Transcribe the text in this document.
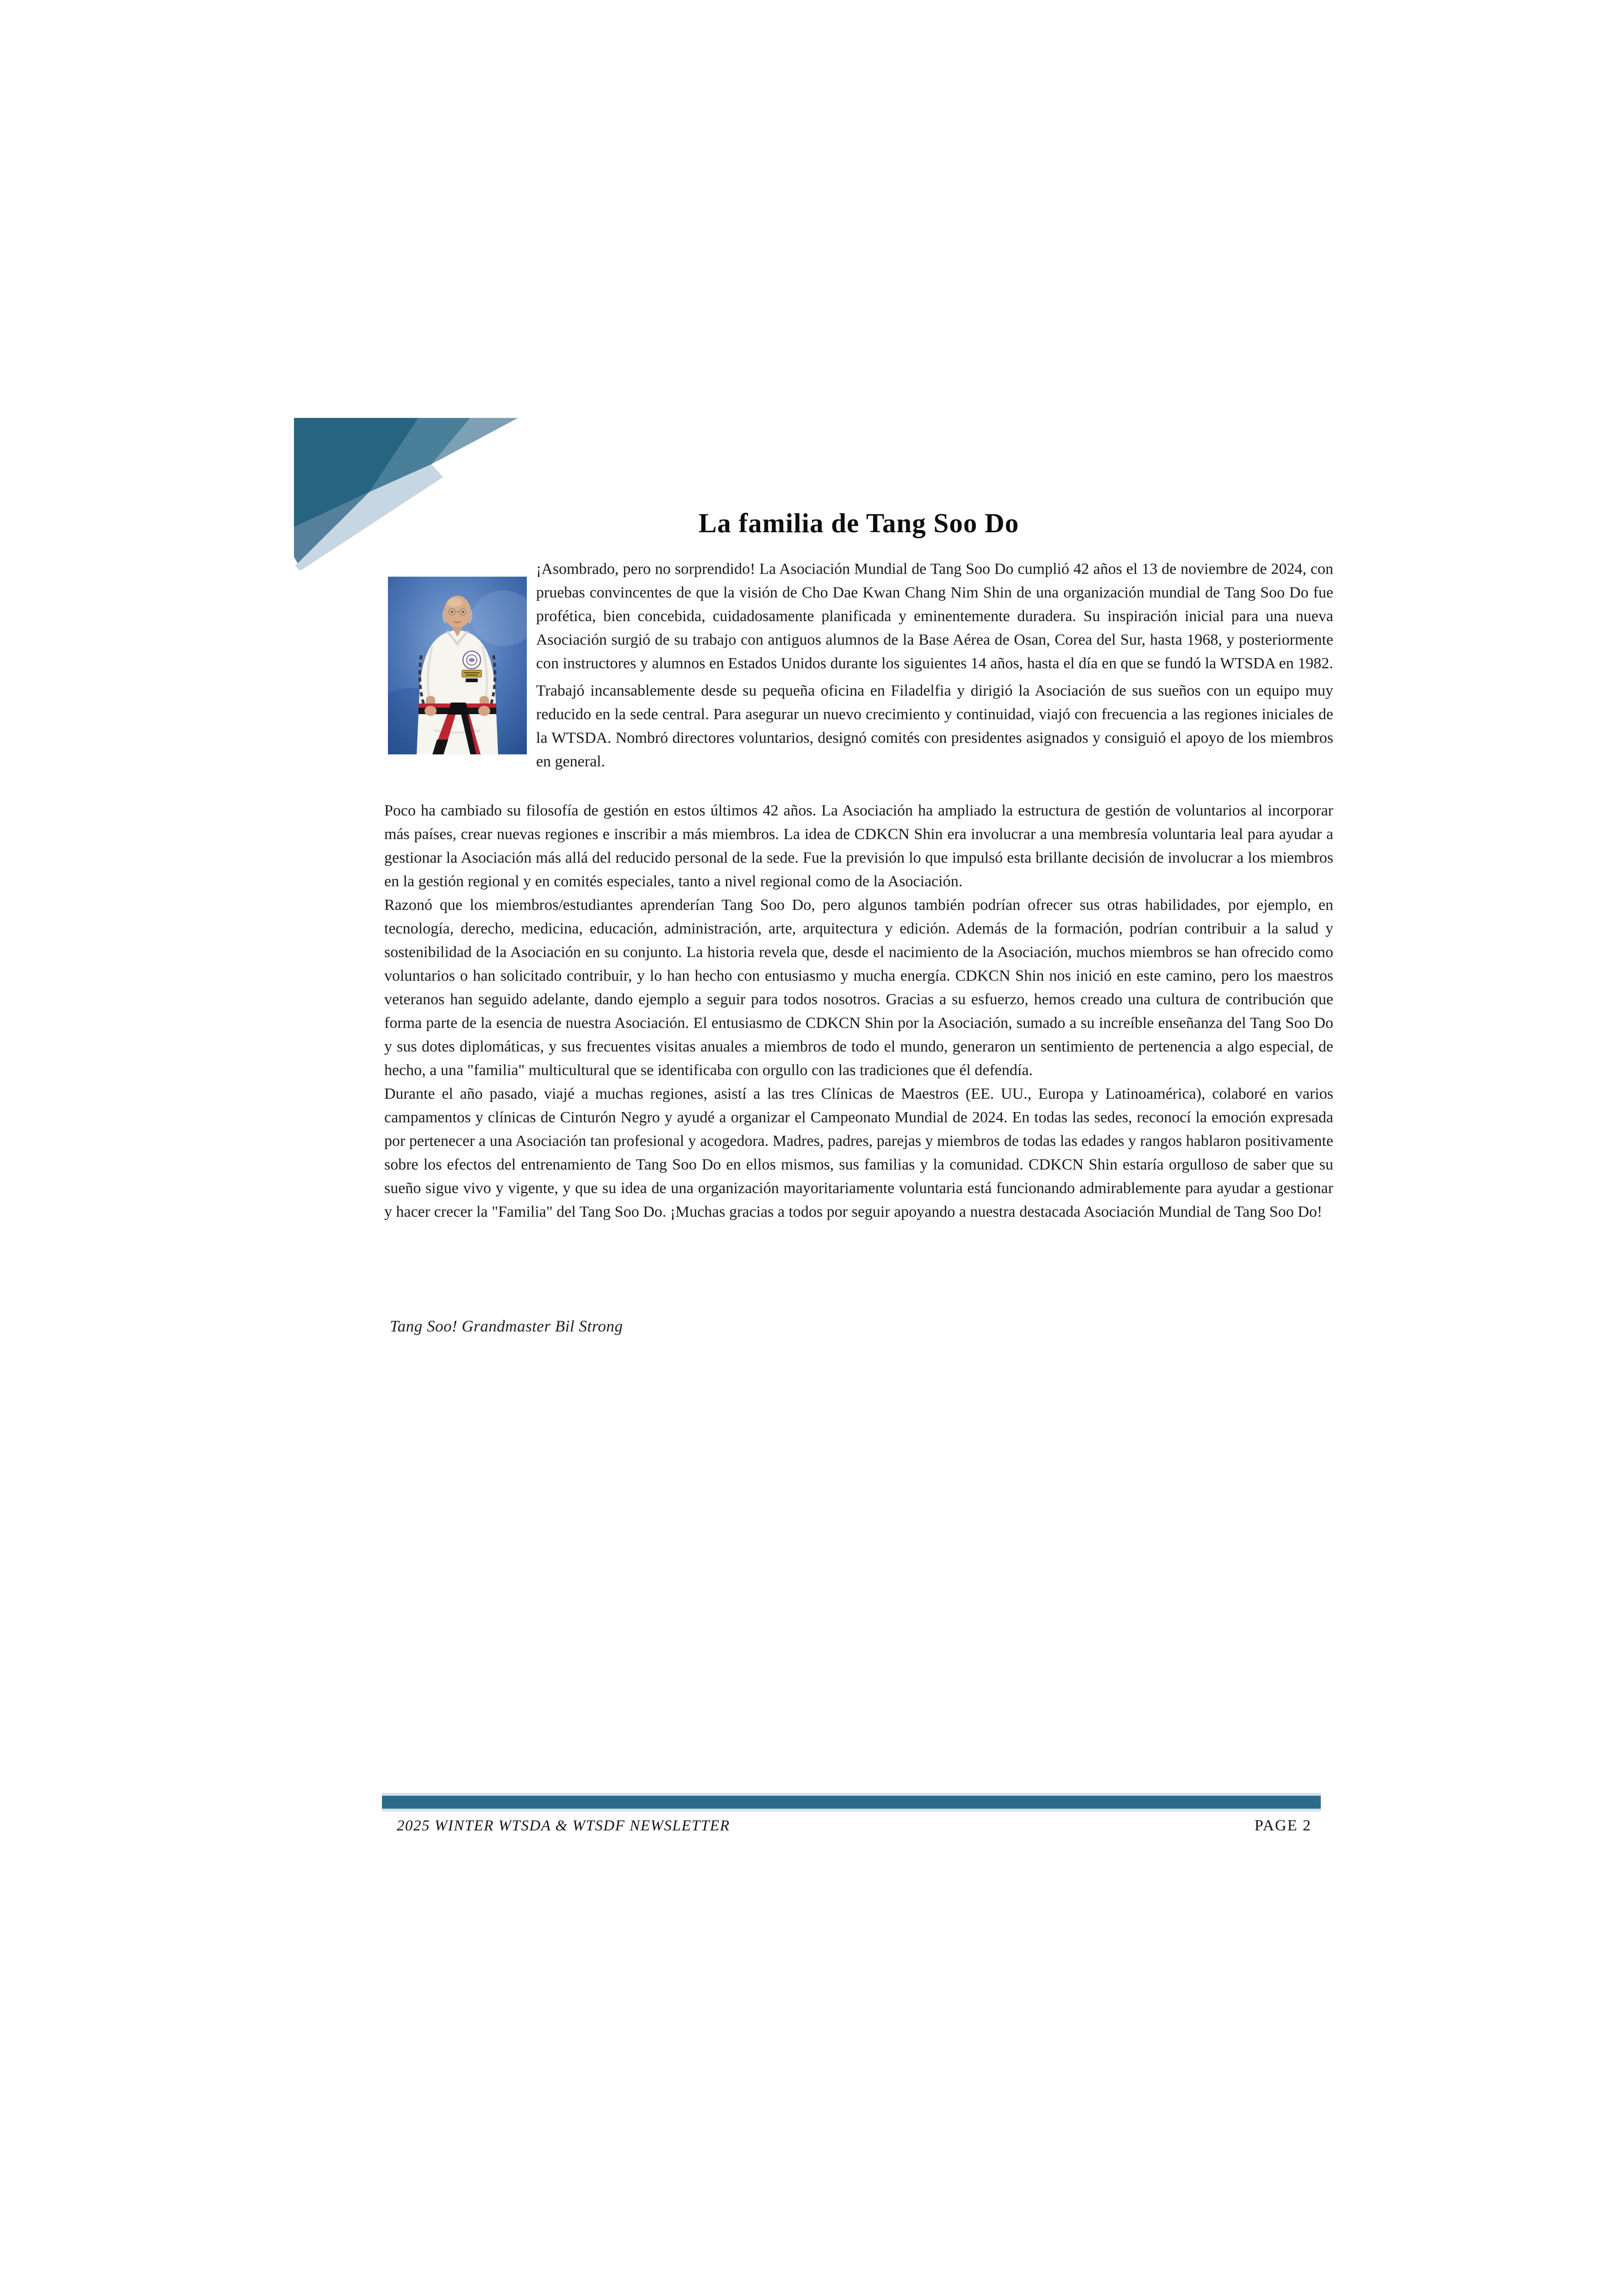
La familia de Tang Soo Do

¡Asombrado, pero no sorprendido! La Asociación Mundial de Tang Soo Do cumplió 42 años el 13 de noviembre de 2024, con pruebas convincentes de que la visión de Cho Dae Kwan Chang Nim Shin de una organización mundial de Tang Soo Do fue profética, bien concebida, cuidadosamente planificada y eminentemente duradera. Su inspiración inicial para una nueva Asociación surgió de su trabajo con antiguos alumnos de la Base Aérea de Osan, Corea del Sur, hasta 1968, y posteriormente con instructores y alumnos en Estados Unidos durante los siguientes 14 años, hasta el día en que se fundó la WTSDA en 1982.

Trabajó incansablemente desde su pequeña oficina en Filadelfia y dirigió la Asociación de sus sueños con un equipo muy reducido en la sede central. Para asegurar un nuevo crecimiento y continuidad, viajó con frecuencia a las regiones iniciales de la WTSDA. Nombró directores voluntarios, designó comités con presidentes asignados y consiguió el apoyo de los miembros en general.

Poco ha cambiado su filosofía de gestión en estos últimos 42 años. La Asociación ha ampliado la estructura de gestión de voluntarios al incorporar más países, crear nuevas regiones e inscribir a más miembros. La idea de CDKCN Shin era involucrar a una membresía voluntaria leal para ayudar a gestionar la Asociación más allá del reducido personal de la sede. Fue la previsión lo que impulsó esta brillante decisión de involucrar a los miembros en la gestión regional y en comités especiales, tanto a nivel regional como de la Asociación.

Razonó que los miembros/estudiantes aprenderían Tang Soo Do, pero algunos también podrían ofrecer sus otras habilidades, por ejemplo, en tecnología, derecho, medicina, educación, administración, arte, arquitectura y edición. Además de la formación, podrían contribuir a la salud y sostenibilidad de la Asociación en su conjunto. La historia revela que, desde el nacimiento de la Asociación, muchos miembros se han ofrecido como voluntarios o han solicitado contribuir, y lo han hecho con entusiasmo y mucha energía. CDKCN Shin nos inició en este camino, pero los maestros veteranos han seguido adelante, dando ejemplo a seguir para todos nosotros. Gracias a su esfuerzo, hemos creado una cultura de contribución que forma parte de la esencia de nuestra Asociación. El entusiasmo de CDKCN Shin por la Asociación, sumado a su increíble enseñanza del Tang Soo Do y sus dotes diplomáticas, y sus frecuentes visitas anuales a miembros de todo el mundo, generaron un sentimiento de pertenencia a algo especial, de hecho, a una "familia" multicultural que se identificaba con orgullo con las tradiciones que él defendía.

Durante el año pasado, viajé a muchas regiones, asistí a las tres Clínicas de Maestros (EE. UU., Europa y Latinoamérica), colaboré en varios campamentos y clínicas de Cinturón Negro y ayudé a organizar el Campeonato Mundial de 2024. En todas las sedes, reconocí la emoción expresada por pertenecer a una Asociación tan profesional y acogedora. Madres, padres, parejas y miembros de todas las edades y rangos hablaron positivamente sobre los efectos del entrenamiento de Tang Soo Do en ellos mismos, sus familias y la comunidad. CDKCN Shin estaría orgulloso de saber que su sueño sigue vivo y vigente, y que su idea de una organización mayoritariamente voluntaria está funcionando admirablemente para ayudar a gestionar y hacer crecer la "Familia" del Tang Soo Do. ¡Muchas gracias a todos por seguir apoyando a nuestra destacada Asociación Mundial de Tang Soo Do!

Tang Soo! Grandmaster Bil Strong

2025 WINTER WTSDA & WTSDF NEWSLETTER	PAGE 2
